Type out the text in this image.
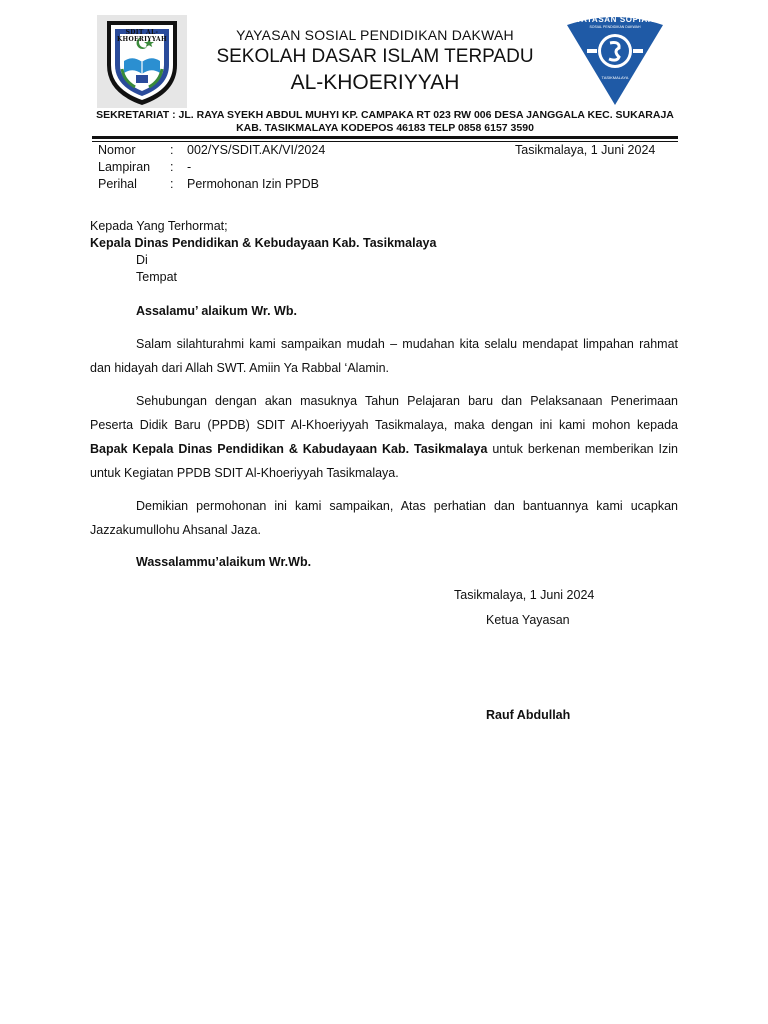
SDIT AL-KHOERIYYAH	YAYASAN SOSIAL PENDIDIKAN DAKWAH
SEKOLAH DASAR ISLAM TERPADU
AL-KHOERIYYAH
YAYASAN SOPIAH
SOSIAL PENDIDIKAN DAKWAH
TASIKMALAYA
SEKRETARIAT : JL. RAYA SYEKH ABDUL MUHYI KP. CAMPAKA RT 023 RW 006 DESA JANGGALA KEC. SUKARAJA
KAB. TASIKMALAYA KODEPOS 46183 TELP 0858 6157 3590
Nomor	: 002/YS/SDIT.AK/VI/2024	Tasikmalaya, 1 Juni 2024
Lampiran : -
Perihal	: Permohonan Izin PPDB
Kepada Yang Terhormat;
Kepala Dinas Pendidikan & Kebudayaan Kab. Tasikmalaya
Di
Tempat
Assalamu’ alaikum Wr. Wb.
Salam silahturahmi kami sampaikan mudah – mudahan kita selalu mendapat limpahan rahmat dan hidayah dari Allah SWT. Amiin Ya Rabbal ‘Alamin.
Sehubungan dengan akan masuknya Tahun Pelajaran baru dan Pelaksanaan Penerimaan Peserta Didik Baru (PPDB) SDIT Al-Khoeriyyah Tasikmalaya, maka dengan ini kami mohon kepada Bapak Kepala Dinas Pendidikan & Kabudayaan Kab. Tasikmalaya untuk berkenan memberikan Izin untuk Kegiatan PPDB SDIT Al-Khoeriyyah Tasikmalaya.
Demikian permohonan ini kami sampaikan, Atas perhatian dan bantuannya kami ucapkan Jazzakumullohu Ahsanal Jaza.
Wassalammu’alaikum Wr.Wb.
Tasikmalaya, 1 Juni 2024
Ketua Yayasan
Rauf Abdullah
